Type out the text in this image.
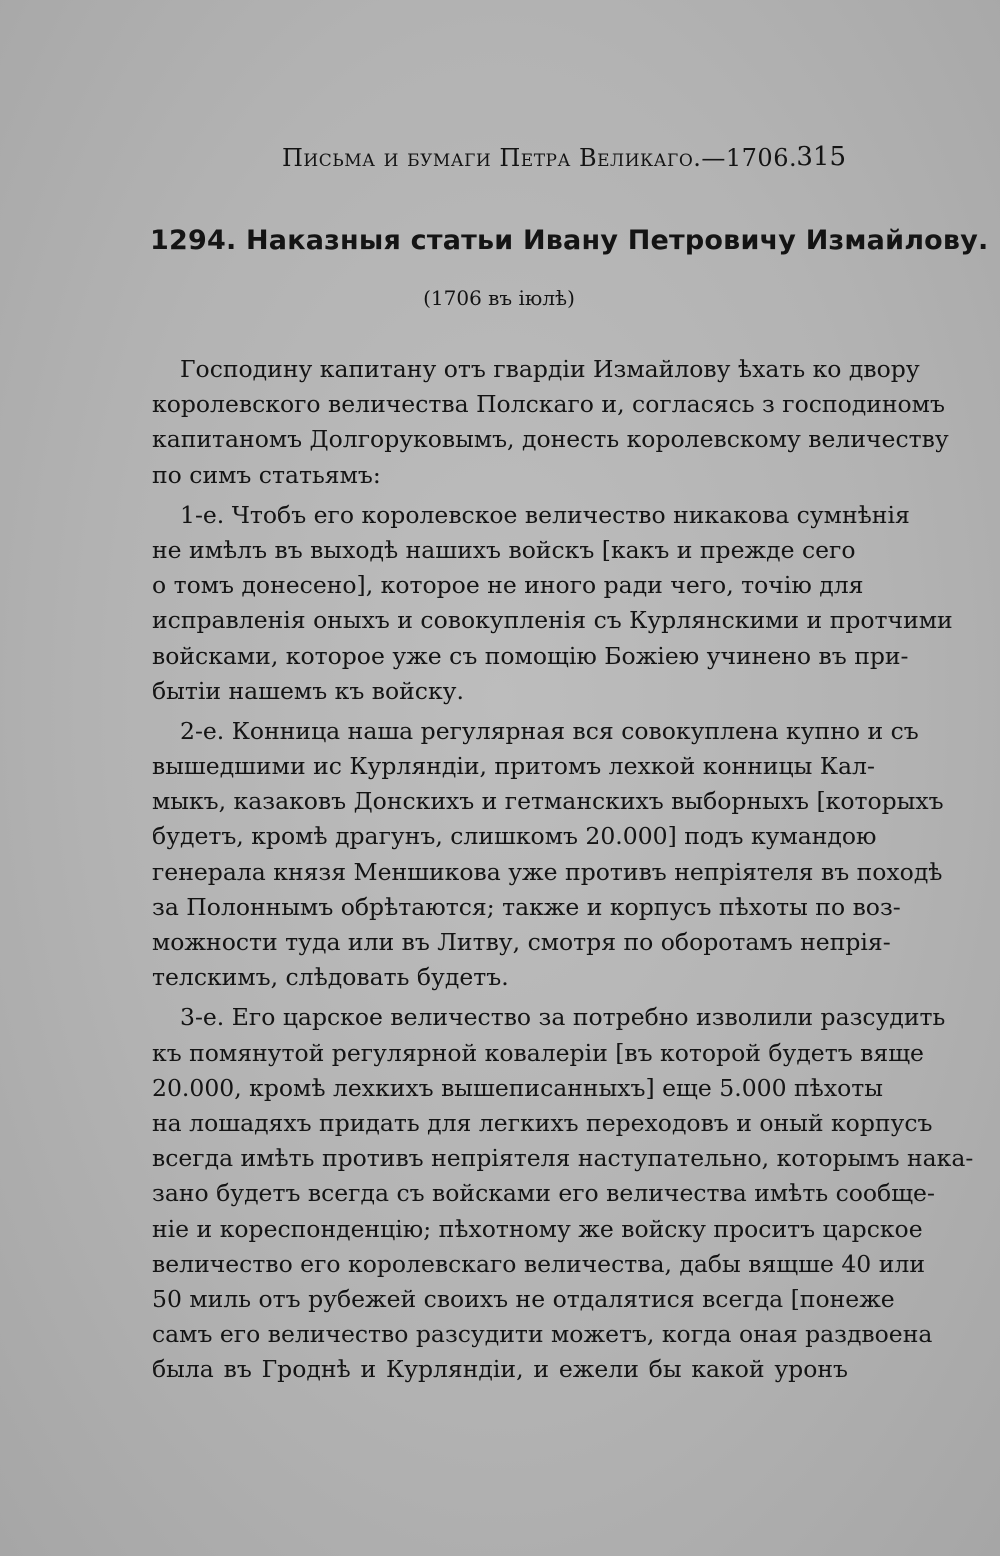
Письма и бумаги Петра Великаго.—1706. 315
1294. Наказныя статьи Ивану Петровичу Измайлову.
(1706 въ іюлѣ)
Господину капитану отъ гвардіи Измайлову ѣхать ко двору
королевского величества Полскаго и, согласясь з господиномъ
капитаномъ Долгоруковымъ, донесть королевскому величеству
по симъ статьямъ:
1-е. Чтобъ его королевское величество никакова сумнѣнія
не имѣлъ въ выходѣ нашихъ войскъ [какъ и прежде сего
о томъ донесено], которое не иного ради чего, точію для
исправленія оныхъ и совокупленія съ Курлянскими и протчими
войсками, которое уже съ помощію Божіею учинено въ при-
бытіи нашемъ къ войску.
2-е. Конница наша регулярная вся совокуплена купно и съ
вышедшими ис Курляндіи, притомъ лехкой конницы Кал-
мыкъ, казаковъ Донскихъ и гетманскихъ выборныхъ [которыхъ
будетъ, кромѣ драгунъ, слишкомъ 20.000] подъ кумандою
генерала князя Меншикова уже противъ непріятеля въ походѣ
за Полоннымъ обрѣтаются; также и корпусъ пѣхоты по воз-
можности туда или въ Литву, смотря по оборотамъ непрія-
телскимъ, слѣдовать будетъ.
3-е. Его царское величество за потребно изволили разсудить
къ помянутой регулярной ковалеріи [въ которой будетъ вяще
20.000, кромѣ лехкихъ вышеписанныхъ] еще 5.000 пѣхоты
на лошадяхъ придать для легкихъ переходовъ и оный корпусъ
всегда имѣть противъ непріятеля наступательно, которымъ нака-
зано будетъ всегда съ войсками его величества имѣть сообще-
ніе и кореспонденцію; пѣхотному же войску проситъ царское
величество его королевскаго величества, дабы вящше 40 или
50 миль отъ рубежей своихъ не отдалятися всегда [понеже
самъ его величество разсудити можетъ, когда оная раздвоена
была въ Гроднѣ и Курляндіи, и ежели бы какой уронъ
